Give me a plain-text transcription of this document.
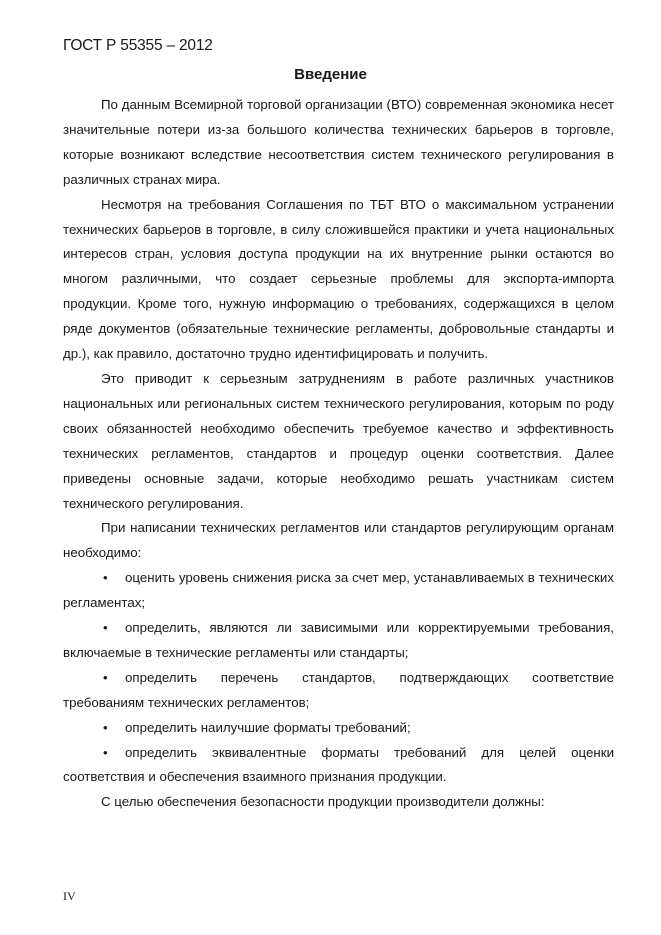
ГОСТ Р 55355 – 2012
Введение

По данным Всемирной торговой организации (ВТО) современная экономика несет значительные потери из-за большого количества технических барьеров в торговле, которые возникают вследствие несоответствия систем технического регулирования в различных странах мира.

Несмотря на требования Соглашения по ТБТ ВТО о максимальном устранении технических барьеров в торговле, в силу сложившейся практики и учета национальных интересов стран, условия доступа продукции на их внутренние рынки остаются во многом различными, что создает серьезные проблемы для экспорта-импорта продукции. Кроме того, нужную информацию о требованиях, содержащихся в целом ряде документов (обязательные технические регламенты, добровольные стандарты и др.), как правило, достаточно трудно идентифицировать и получить.

Это приводит к серьезным затруднениям в работе различных участников национальных или региональных систем технического регулирования, которым по роду своих обязанностей необходимо обеспечить требуемое качество и эффективность технических регламентов, стандартов и процедур оценки соответствия. Далее приведены основные задачи, которые необходимо решать участникам систем технического регулирования.

При написании технических регламентов или стандартов регулирующим органам необходимо:

• оценить уровень снижения риска за счет мер, устанавливаемых в технических регламентах;
• определить, являются ли зависимыми или корректируемыми требования, включаемые в технические регламенты или стандарты;
• определить перечень стандартов, подтверждающих соответствие требованиям технических регламентов;
• определить наилучшие форматы требований;
• определить эквивалентные форматы требований для целей оценки соответствия и обеспечения взаимного признания продукции.

С целью обеспечения безопасности продукции производители должны:

IV
